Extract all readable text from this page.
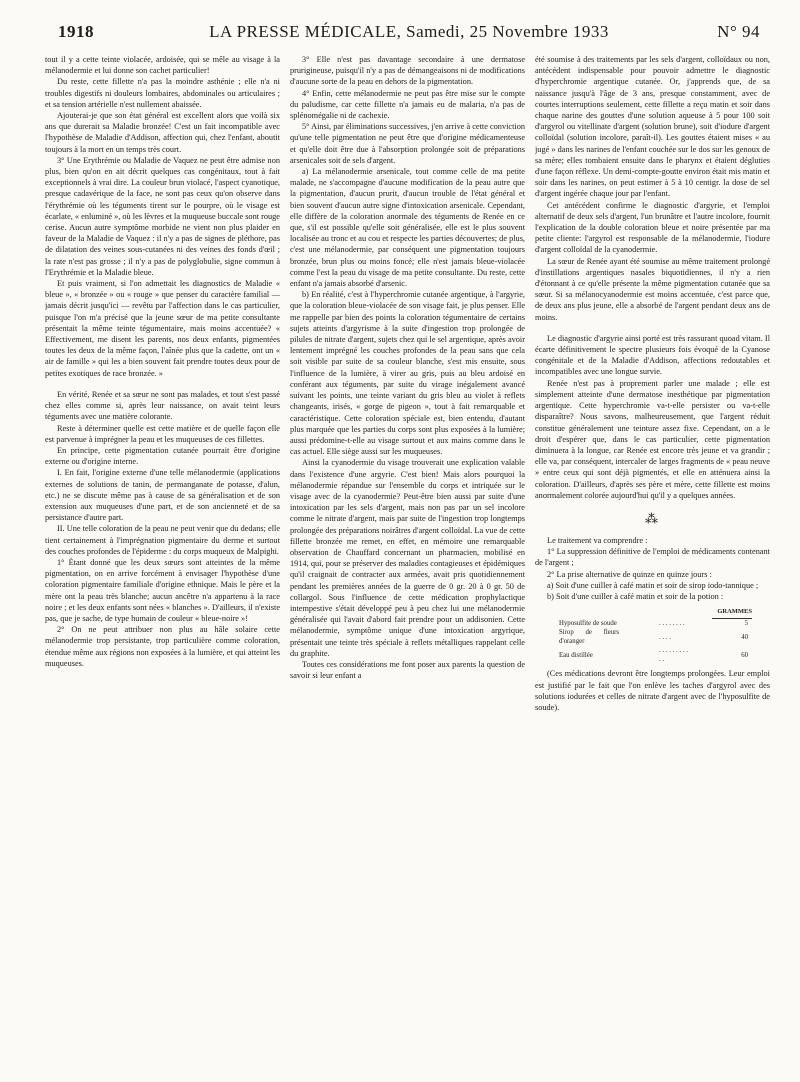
1918	LA PRESSE MÉDICALE, Samedi, 25 Novembre 1933	N° 94

tout il y a cette teinte violacée, ardoisée, qui se mêle au visage à la mélanodermie et lui donne son cachet particulier!

Du reste, cette fillette n'a pas la moindre asthénie ; elle n'a ni troubles digestifs ni douleurs lombaires, abdominales ou articulaires ; et sa tension artérielle n'est nullement abaissée.

Ajouterai-je que son état général est excellent alors que voilà six ans que durerait sa Maladie bronzée! C'est un fait incompatible avec l'hypothèse de Maladie d'Addison, affection qui, chez l'enfant, aboutit toujours à la mort en un temps très court.

3° Une Erythrémie ou Maladie de Vaquez ne peut être admise non plus, bien qu'on en ait décrit quelques cas congénitaux, tout à fait exceptionnels à vrai dire. La couleur brun violacé, l'aspect cyanotique, presque cadavérique de la face, ne sont pas ceux qu'on observe dans l'érythrémie où les téguments tirent sur le pourpre, où le visage est écarlate, « enluminé », où les lèvres et la muqueuse buccale sont rouge cerise. Aucun autre symptôme morbide ne vient non plus plaider en faveur de la Maladie de Vaquez : il n'y a pas de signes de pléthore, pas de dilatation des veines sous-cutanées ni des veines des fonds d'œil ; la rate n'est pas grosse ; il n'y a pas de polyglobulie, signe commun à l'Erythrémie et la Maladie bleue.

Et puis vraiment, si l'on admettait les diagnostics de Maladie « bleue », « bronzée » ou « rouge » que penser du caractère familial — jamais décrit jusqu'ici — revêtu par l'affection dans le cas particulier, puisque l'on m'a précisé que la jeune sœur de ma petite consultante présentait la même teinte tégumentaire, mais moins accentuée? « Effectivement, me disent les parents, nos deux enfants, pigmentées toutes les deux de la même façon, l'aînée plus que la cadette, ont un « air de famille » qui les a bien souvent fait prendre toutes deux pour de petites exotiques de race bronzée. »

En vérité, Renée et sa sœur ne sont pas malades, et tout s'est passé chez elles comme si, après leur naissance, on avait teint leurs téguments avec une matière colorante.

Reste à déterminer quelle est cette matière et de quelle façon elle est parvenue à imprégner la peau et les muqueuses de ces fillettes.

En principe, cette pigmentation cutanée pourrait être d'origine externe ou d'origine interne.

I. En fait, l'origine externe d'une telle mélanodermie (applications externes de solutions de tanin, de permanganate de potasse, d'alun, etc.) ne se discute même pas à cause de sa généralisation et de son extension aux muqueuses d'une part, et de son ancienneté et de sa persistance d'autre part.

II. Une telle coloration de la peau ne peut venir que du dedans; elle tient certainement à l'imprégnation pigmentaire du derme et surtout des couches profondes de l'épiderme : du corps muqueux de Malpighi.

1° Étant donné que les deux sœurs sont atteintes de la même pigmentation, on en arrive forcément à envisager l'hypothèse d'une coloration pigmentaire familiale d'origine ethnique. Mais le père et la mère ont la peau très blanche; aucun ancêtre n'a appartenu à la race noire ; et les deux enfants sont nées « blanches ». D'ailleurs, il n'existe pas, que je sache, de type humain de couleur « bleue-noire »!

2° On ne peut attribuer non plus au hâle solaire cette mélanodermie trop persistante, trop particulière comme coloration, étendue même aux régions non exposées à la lumière, et qui atteint les muqueuses.

3° Elle n'est pas davantage secondaire à une dermatose prurigineuse, puisqu'il n'y a pas de démangeaisons ni de modifications d'aucune sorte de la peau en dehors de la pigmentation.

4° Enfin, cette mélanodermie ne peut pas être mise sur le compte du paludisme, car cette fillette n'a jamais eu de malaria, n'a pas de splénomégalie ni de cachexie.

5° Ainsi, par éliminations successives, j'en arrive à cette conviction qu'une telle pigmentation ne peut être que d'origine médicamenteuse et qu'elle doit être due à l'absorption prolongée soit de préparations arsenicales soit de sels d'argent.

a) La mélanodermie arsenicale, tout comme celle de ma petite malade, ne s'accompagne d'aucune modification de la peau autre que la pigmentation, d'aucun prurit, d'aucun trouble de l'état général et bien souvent d'aucun autre signe d'intoxication arsenicale. Cependant, elle diffère de la coloration anormale des téguments de Renée en ce que, s'il est possible qu'elle soit généralisée, elle est le plus souvent localisée au tronc et au cou et respecte les parties découvertes; de plus, c'est une mélanodermie, par conséquent une pigmentation toujours bronzée, brun plus ou moins foncé; elle n'est jamais bleue-violacée comme l'est la peau du visage de ma petite consultante. Du reste, cette enfant n'a jamais absorbé d'arsenic.

b) En réalité, c'est à l'hyperchromie cutanée argentique, à l'argyrie, que la coloration bleue-violacée de son visage fait, je plus penser. Elle me rappelle par bien des points la coloration tégumentaire de certains sujets atteints d'argyrisme à la suite d'ingestion trop prolongée de pilules de nitrate d'argent, sujets chez qui le sel argentique, après avoir lentement imprégné les couches profondes de la peau sans que cela soit visible par suite de sa couleur blanche, s'est mis ensuite, sous l'influence de la lumière, à virer au gris, puis au bleu ardoisé en conférant aux téguments, par suite du virage inégalement avancé suivant les points, une teinte variant du gris bleu au violet à reflets changeants, irisés, « gorge de pigeon », tout à fait remarquable et caractéristique. Cette coloration spéciale est, bien entendu, d'autant plus marquée que les parties du corps sont plus exposées à la lumière; aussi prédomine-t-elle au visage surtout et aux mains comme dans le cas actuel. Elle siège aussi sur les muqueuses.

Ainsi la cyanodermie du visage trouverait une explication valable dans l'existence d'une argyrie. C'est bien! Mais alors pourquoi la mélanodermie répandue sur l'ensemble du corps et intriquée sur le visage avec de la cyanodermie? Peut-être bien aussi par suite d'une intoxication par les sels d'argent, mais non pas par un sel incolore comme le nitrate d'argent, mais par suite de l'ingestion trop longtemps prolongée des préparations noirâtres d'argent colloïdal. La vue de cette fillette bronzée me remet, en effet, en mémoire une remarquable observation de Chauffard concernant un pharmacien, mobilisé en 1914, qui, pour se préserver des maladies contagieuses et épidémiques qu'il craignait de contracter aux armées, avait pris quotidiennement pendant les premières années de la guerre de 0 gr. 20 à 0 gr. 50 de collargol. Sous l'influence de cette médication prophylactique intempestive s'était développé peu à peu chez lui une mélanodermie généralisée qui l'avait d'abord fait prendre pour un addisonien. Cette mélanodermie, symptôme unique d'une intoxication argyrique, présentait une teinte très spéciale à reflets métalliques rappelant celle du graphite.

Toutes ces considérations me font poser aux parents la question de savoir si leur enfant a

été soumise à des traitements par les sels d'argent, colloïdaux ou non, antécédent indispensable pour pouvoir admettre le diagnostic d'hyperchromie argentique cutanée. Or, j'apprends que, de sa naissance jusqu'à l'âge de 3 ans, presque constamment, avec de courtes interruptions seulement, cette fillette a reçu matin et soir dans chaque narine des gouttes d'une solution aqueuse à 5 pour 100 soit d'argyrol ou vitellinate d'argent (solution brune), soit d'iodure d'argent colloïdal (solution incolore, paraît-il). Les gouttes étaient mises « au jugé » dans les narines de l'enfant couchée sur le dos sur les genoux de sa mère; elles tombaient ensuite dans le pharynx et étaient dégluties d'une façon réflexe. Un demi-compte-goutte environ était mis matin et soir dans les narines, on peut estimer à 5 à 10 centigr. la dose de sel d'argent ingérée chaque jour par l'enfant.

Cet antécédent confirme le diagnostic d'argyrie, et l'emploi alternatif de deux sels d'argent, l'un brunâtre et l'autre incolore, fournit l'explication de la double coloration bleue et noire présentée par ma petite cliente: l'argyrol est responsable de la mélanodermie, l'iodure d'argent colloïdal de la cyanodermie.

La sœur de Renée ayant été soumise au même traitement prolongé d'instillations argentiques nasales biquotidiennes, il n'y a rien d'étonnant à ce qu'elle présente la même pigmentation cutanée que sa sœur. Si sa mélanocyanodermie est moins accentuée, c'est parce que, de deux ans plus jeune, elle a absorbé de l'argent pendant deux ans de moins.

Le diagnostic d'argyrie ainsi porté est très rassurant quoad vitam. Il écarte définitivement le spectre plusieurs fois évoqué de la Cyanose congénitale et de la Maladie d'Addison, affections redoutables et incompatibles avec une longue survie.

Renée n'est pas à proprement parler une malade ; elle est simplement atteinte d'une dermatose inesthétique par pigmentation argentique. Cette hyperchromie va-t-elle persister ou va-t-elle disparaître? Nous savons, malheureusement, que l'argent réduit constitue généralement une teinture assez fixe. Cependant, on a le droit d'espérer que, dans le cas particulier, cette pigmentation diminuera à la longue, car Renée est encore très jeune et va grandir ; elle va, par conséquent, intercaler de larges fragments de « peau neuve » entre ceux qui sont déjà pigmentés, et elle en atténuera ainsi la coloration. D'ailleurs, d'après ses père et mère, cette fillette est moins anormalement colorée aujourd'hui qu'il y a quelques années.

⁂

Le traitement va comprendre :

1° La suppression définitive de l'emploi de médicaments contenant de l'argent ;

2° La prise alternative de quinze en quinze jours :

a) Soit d'une cuiller à café matin et soir de sirop iodo-tannique ;

b) Soit d'une cuiller à café matin et soir de la potion :

GRAMMES
Hyposulfite de soude	. . . . . . . .	5
Sirop de fleurs d'oranger	. . . .	40
Eau distillée	. . . . . . . . . . .	60

(Ces médications devront être longtemps prolongées. Leur emploi est justifié par le fait que l'on enlève les taches d'argyrol avec des solutions iodurées et celles de nitrate d'argent avec de l'hyposulfite de soude).
